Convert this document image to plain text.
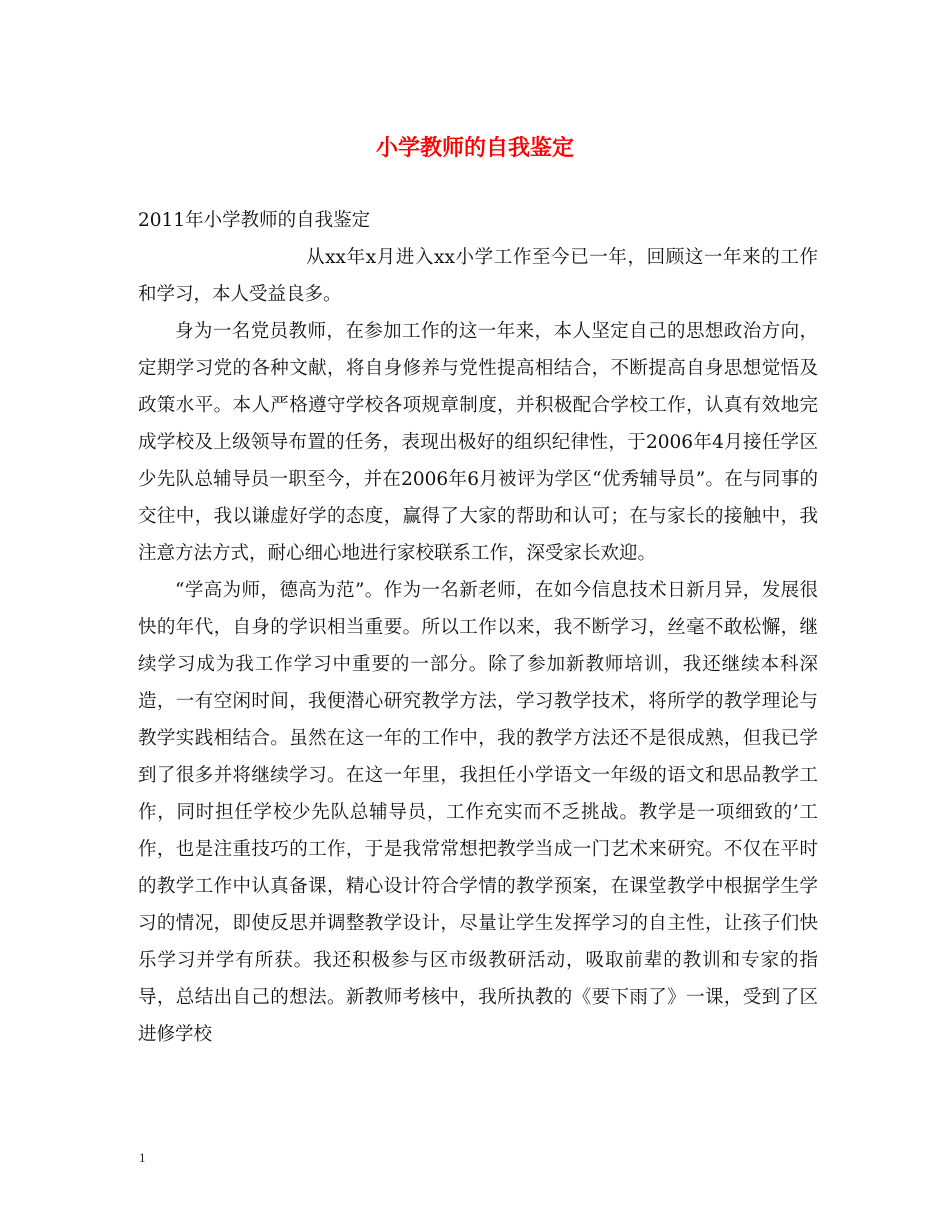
小学教师的自我鉴定

2011年小学教师的自我鉴定

从xx年x月进入xx小学工作至今已一年，回顾这一年来的工作和学习，本人受益良多。

身为一名党员教师，在参加工作的这一年来，本人坚定自己的思想政治方向，定期学习党的各种文献，将自身修养与党性提高相结合，不断提高自身思想觉悟及政策水平。本人严格遵守学校各项规章制度，并积极配合学校工作，认真有效地完成学校及上级领导布置的任务，表现出极好的组织纪律性，于2006年4月接任学区少先队总辅导员一职至今，并在2006年6月被评为学区“优秀辅导员”。在与同事的交往中，我以谦虚好学的态度，赢得了大家的帮助和认可；在与家长的接触中，我注意方法方式，耐心细心地进行家校联系工作，深受家长欢迎。

“学高为师，德高为范”。作为一名新老师，在如今信息技术日新月异，发展很快的年代，自身的学识相当重要。所以工作以来，我不断学习，丝毫不敢松懈，继续学习成为我工作学习中重要的一部分。除了参加新教师培训，我还继续本科深造，一有空闲时间，我便潜心研究教学方法，学习教学技术，将所学的教学理论与教学实践相结合。虽然在这一年的工作中，我的教学方法还不是很成熟，但我已学到了很多并将继续学习。在这一年里，我担任小学语文一年级的语文和思品教学工作，同时担任学校少先队总辅导员，工作充实而不乏挑战。教学是一项细致的’工作，也是注重技巧的工作，于是我常常想把教学当成一门艺术来研究。不仅在平时的教学工作中认真备课，精心设计符合学情的教学预案，在课堂教学中根据学生学习的情况，即使反思并调整教学设计，尽量让学生发挥学习的自主性，让孩子们快乐学习并学有所获。我还积极参与区市级教研活动，吸取前辈的教训和专家的指导，总结出自己的想法。新教师考核中，我所执教的《要下雨了》一课，受到了区进修学校

1
